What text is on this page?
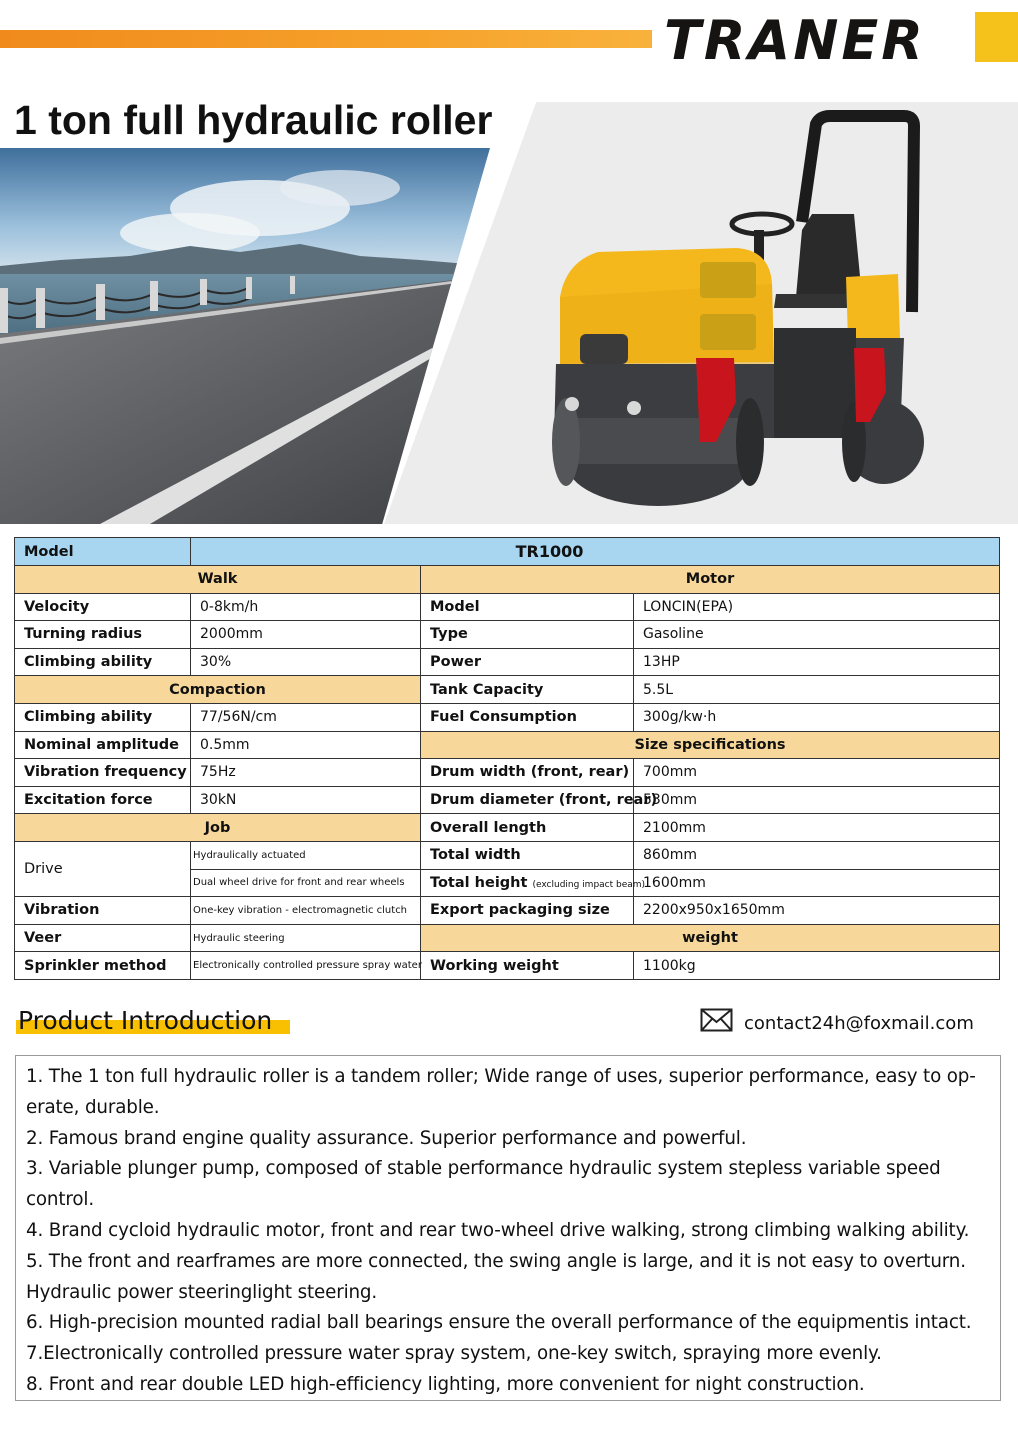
TRANER
1 ton full hydraulic roller
Model	TR1000		
Walk		Motor	
Velocity	0-8km/h	Model	LONCIN(EPA)
Turning radius	2000mm	Type	Gasoline
Climbing ability	30%	Power	13HP
Compaction		Tank Capacity	5.5L
Climbing ability	77/56N/cm	Fuel Consumption	300g/kw·h
Nominal amplitude	0.5mm	Size specifications	
Vibration frequency	75Hz	Drum width (front, rear)	700mm
Excitation force	30kN	Drum diameter (front, rear)	530mm
Job		Overall length	2100mm
Drive	Hydraulically actuated	Total width	860mm
	Dual wheel drive for front and rear wheels	Total height (excluding impact beam)	1600mm
Vibration	One-key vibration - electromagnetic clutch	Export packaging size	2200x950x1650mm
Veer	Hydraulic steering	weight	
Sprinkler method	Electronically controlled pressure spray water	Working weight	1100kg
Product Introduction	contact24h@foxmail.com

1. The 1 ton full hydraulic roller is a tandem roller; Wide range of uses, superior performance, easy to op-

erate, durable.

2. Famous brand engine quality assurance. Superior performance and powerful.

3. Variable plunger pump, composed of stable performance hydraulic system stepless variable speed

control.

4. Brand cycloid hydraulic motor, front and rear two-wheel drive walking, strong climbing walking ability.

5. The front and rearframes are more connected, the swing angle is large, and it is not easy to overturn.

Hydraulic power steeringlight steering.

6. High-precision mounted radial ball bearings ensure the overall performance of the equipmentis intact.

7.Electronically controlled pressure water spray system, one-key switch, spraying more evenly.

8. Front and rear double LED high-efficiency lighting, more convenient for night construction.
